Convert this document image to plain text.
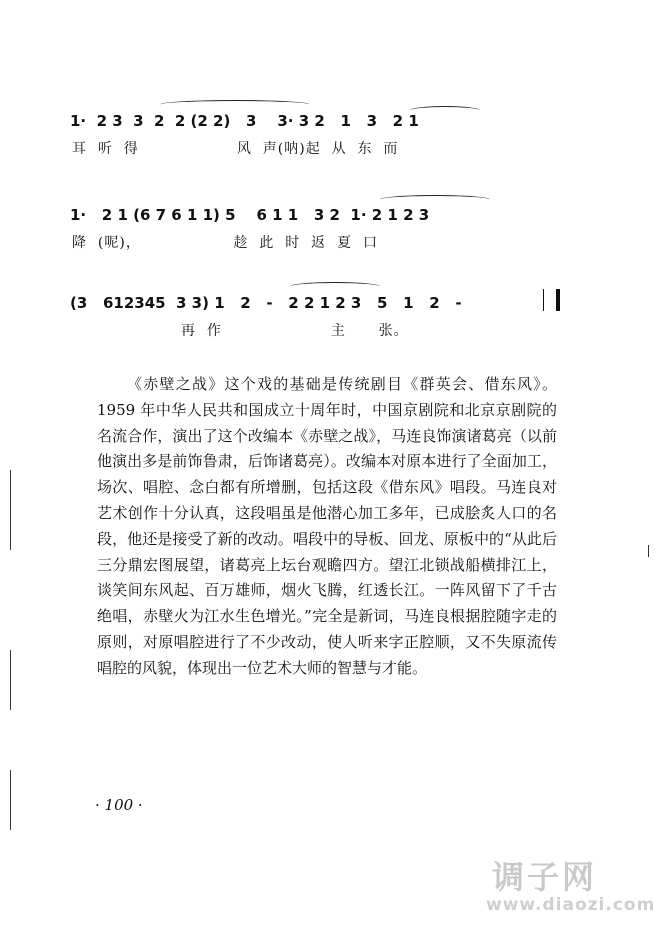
1·  2 3  3  2  2 (2 2)   3    3· 3 2   1   3   2 1
耳  听  得                  风  声(呐)起  从  东  而
1·   2 1 (6 7 6 1 1) 5    6 1 1   3 2  1· 2 1 2 3
降  (呢)，                 趁  此  时  返  夏  口
(3   612345  3 3) 1   2   -   2 2 1 2 3   5   1   2   -
再  作                    主      张。

《赤壁之战》这个戏的基础是传统剧目《群英会、借东风》。1959 年中华人民共和国成立十周年时，中国京剧院和北京京剧院的名流合作，演出了这个改编本《赤壁之战》，马连良饰演诸葛亮（以前他演出多是前饰鲁肃，后饰诸葛亮）。改编本对原本进行了全面加工，场次、唱腔、念白都有所增删，包括这段《借东风》唱段。马连良对艺术创作十分认真，这段唱虽是他潜心加工多年，已成脍炙人口的名段，他还是接受了新的改动。唱段中的导板、回龙、原板中的“从此后三分鼎宏图展望，诸葛亮上坛台观瞻四方。望江北锁战船横排江上，谈笑间东风起、百万雄师，烟火飞腾，红透长江。一阵风留下了千古绝唱，赤壁火为江水生色增光。”完全是新词，马连良根据腔随字走的原则，对原唱腔进行了不少改动，使人听来字正腔顺，又不失原流传唱腔的风貌，体现出一位艺术大师的智慧与才能。

· 100 ·
调子网
www.diaozi.com
